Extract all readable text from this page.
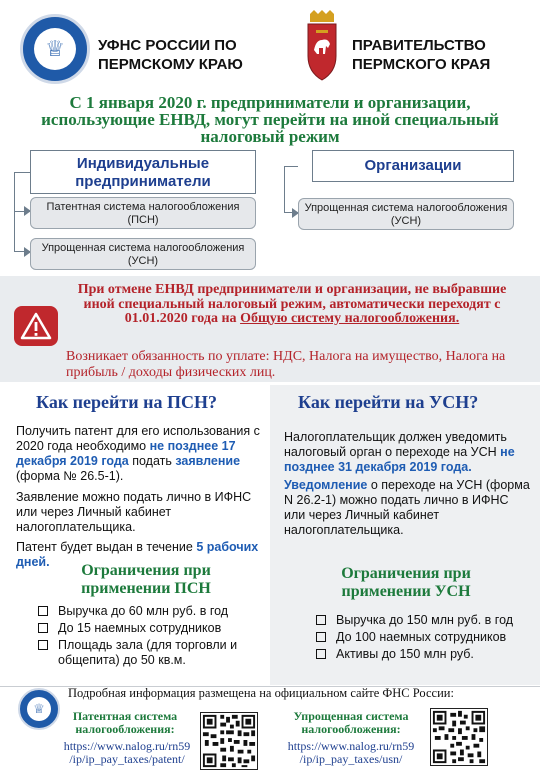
♕	УФНС РОССИИ ПО ПЕРМСКОМУ КРАЮ
ПРАВИТЕЛЬСТВО ПЕРМСКОГО КРАЯ
С 1 января 2020 г. предприниматели и организации, использующие ЕНВД, могут перейти на иной специальный налоговый режим
Индивидуальные предприниматели
Патентная система налогообложения (ПСН)
Упрощенная система налогообложения (УСН)
Организации
Упрощенная система налогообложения (УСН)
При отмене ЕНВД предприниматели и организации, не выбравшие иной специальный налоговый режим, автоматически переходят с 01.01.2020 года на Общую систему налогообложения.
Возникает обязанность по уплате: НДС, Налога на имущество, Налога на прибыль / доходы физических лиц.
Как перейти на ПСН?	Как перейти на УСН?
Получить патент для его использования с 2020 года необходимо не позднее 17 декабря 2019 года подать заявление (форма № 26.5-1).
Заявление можно подать лично в ИФНС или через Личный кабинет налогоплательщика.
Патент будет выдан в течение 5 рабочих дней.
Налогоплательщик должен уведомить налоговый орган о переходе на УСН не позднее 31 декабря 2019 года.
Уведомление о переходе на УСН (форма N 26.2-1) можно подать лично в ИФНС или через Личный кабинет налогоплательщика.
Ограничения при применении ПСН
Ограничения при применении УСН
Выручка до 60 млн руб. в год
До 15 наемных сотрудников
Площадь зала (для торговли и общепита) до 50 кв.м.
Выручка до 150 млн руб. в год
До 100 наемных сотрудников
Активы до 150 млн руб.
♕
Подробная информация размещена на официальном сайте ФНС России:
Патентная система налогообложения:
https://www.nalog.ru/rn59 /ip/ip_pay_taxes/patent/
Упрощенная система налогообложения:
https://www.nalog.ru/rn59 /ip/ip_pay_taxes/usn/
